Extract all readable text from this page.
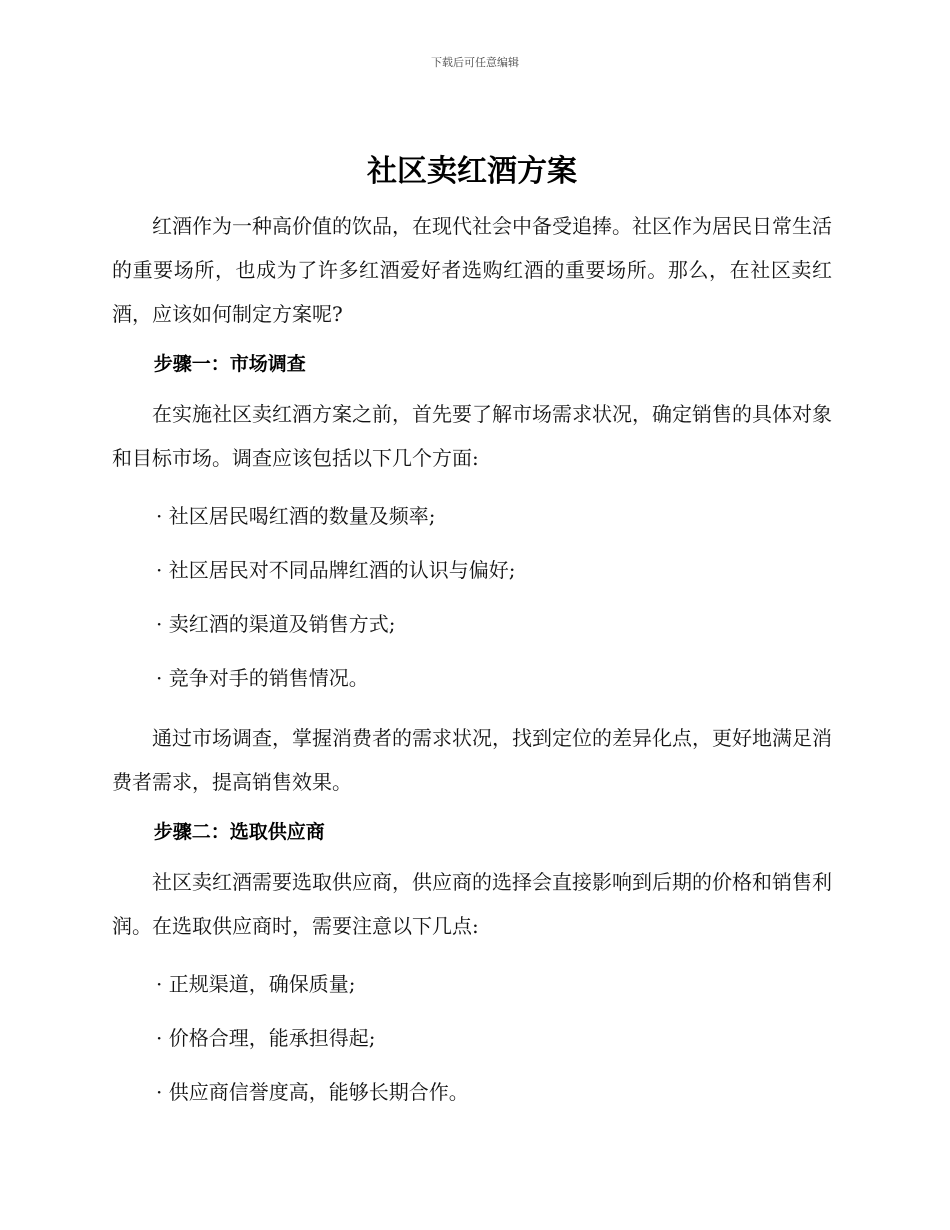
下载后可任意编辑
社区卖红酒方案

红酒作为一种高价值的饮品，在现代社会中备受追捧。社区作为居民日常生活的重要场所，也成为了许多红酒爱好者选购红酒的重要场所。那么，在社区卖红酒，应该如何制定方案呢?

步骤一：市场调查

在实施社区卖红酒方案之前，首先要了解市场需求状况，确定销售的具体对象和目标市场。调查应该包括以下几个方面:

· 社区居民喝红酒的数量及频率;
· 社区居民对不同品牌红酒的认识与偏好;
· 卖红酒的渠道及销售方式;
· 竞争对手的销售情况。

通过市场调查，掌握消费者的需求状况，找到定位的差异化点，更好地满足消费者需求，提高销售效果。

步骤二：选取供应商

社区卖红酒需要选取供应商，供应商的选择会直接影响到后期的价格和销售利润。在选取供应商时，需要注意以下几点:

· 正规渠道，确保质量;
· 价格合理，能承担得起;
· 供应商信誉度高，能够长期合作。
